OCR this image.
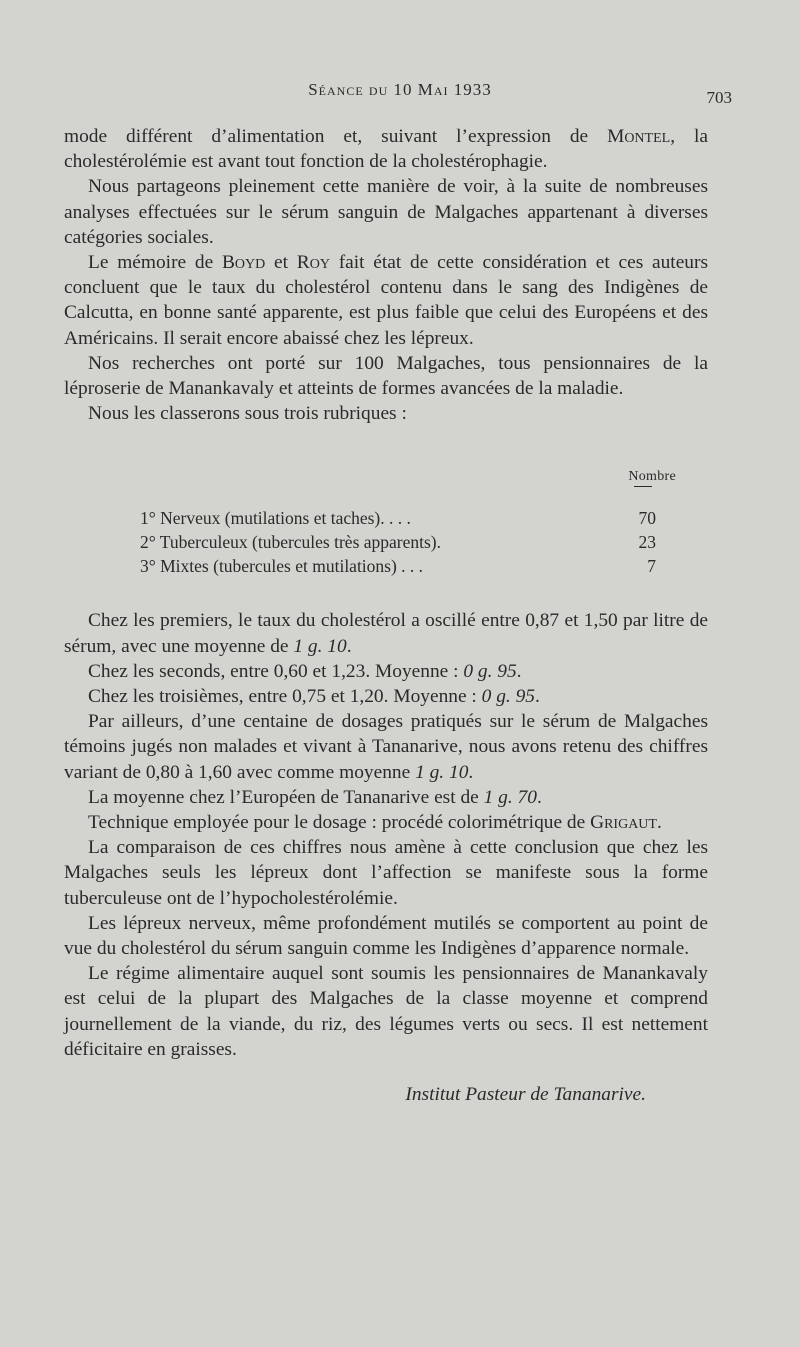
Séance du 10 Mai 1933	703

mode différent d’alimentation et, suivant l’expression de Montel, la cholestérolémie est avant tout fonction de la cholestérophagie.

Nous partageons pleinement cette manière de voir, à la suite de nombreuses analyses effectuées sur le sérum sanguin de Malgaches appartenant à diverses catégories sociales.

Le mémoire de Boyd et Roy fait état de cette considération et ces auteurs concluent que le taux du cholestérol contenu dans le sang des Indigènes de Calcutta, en bonne santé apparente, est plus faible que celui des Européens et des Américains. Il serait encore abaissé chez les lépreux.

Nos recherches ont porté sur 100 Malgaches, tous pensionnaires de la léproserie de Manankavaly et atteints de formes avancées de la maladie.

Nous les classerons sous trois rubriques :

Nombre
1° Nerveux (mutilations et taches). . . .	70
2° Tuberculeux (tubercules très apparents).	23
3° Mixtes (tubercules et mutilations) . . .	7

Chez les premiers, le taux du cholestérol a oscillé entre 0,87 et 1,50 par litre de sérum, avec une moyenne de 1 g. 10.

Chez les seconds, entre 0,60 et 1,23. Moyenne : 0 g. 95.

Chez les troisièmes, entre 0,75 et 1,20. Moyenne : 0 g. 95.

Par ailleurs, d’une centaine de dosages pratiqués sur le sérum de Malgaches témoins jugés non malades et vivant à Tananarive, nous avons retenu des chiffres variant de 0,80 à 1,60 avec comme moyenne 1 g. 10.

La moyenne chez l’Européen de Tananarive est de 1 g. 70.

Technique employée pour le dosage : procédé colorimétrique de Grigaut.

La comparaison de ces chiffres nous amène à cette conclusion que chez les Malgaches seuls les lépreux dont l’affection se manifeste sous la forme tuberculeuse ont de l’hypocholestérolémie.

Les lépreux nerveux, même profondément mutilés se comportent au point de vue du cholestérol du sérum sanguin comme les Indigènes d’apparence normale.

Le régime alimentaire auquel sont soumis les pensionnaires de Manankavaly est celui de la plupart des Malgaches de la classe moyenne et comprend journellement de la viande, du riz, des légumes verts ou secs. Il est nettement déficitaire en graisses.

Institut Pasteur de Tananarive.
